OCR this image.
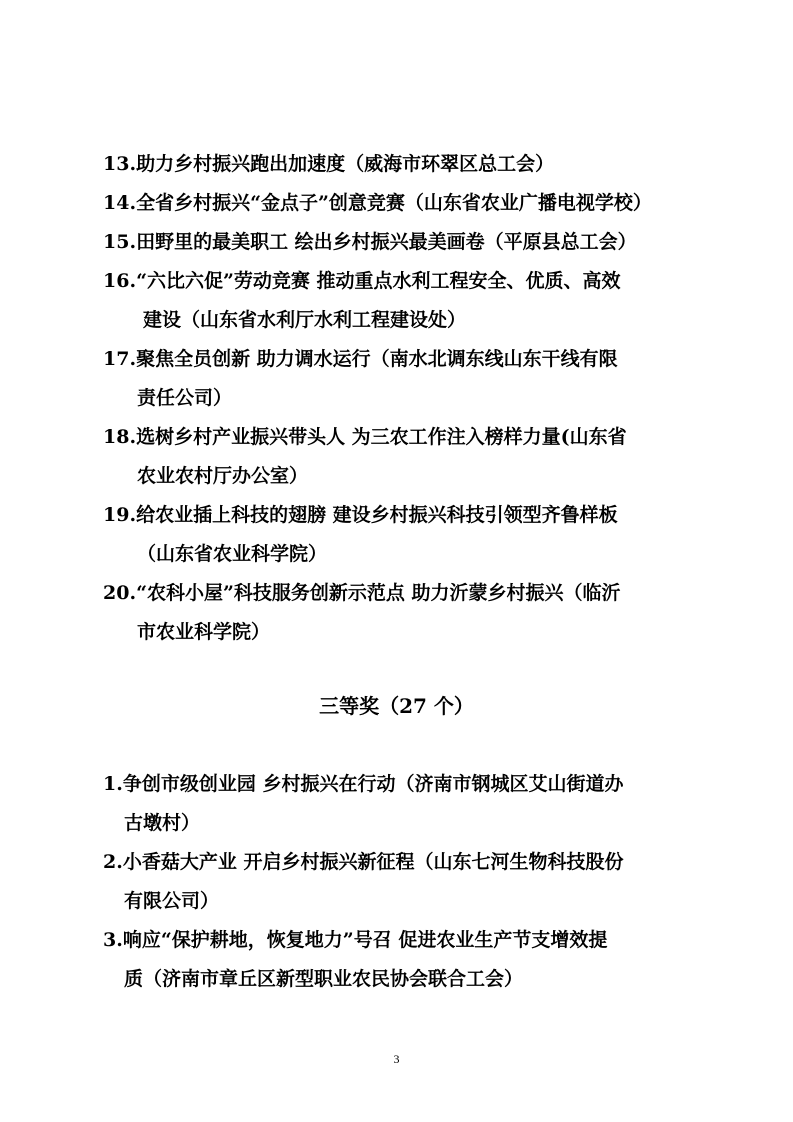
13.助力乡村振兴跑出加速度（威海市环翠区总工会）
14.全省乡村振兴“金点子”创意竞赛（山东省农业广播电视学校）
15.田野里的最美职工 绘出乡村振兴最美画卷（平原县总工会）
16.“六比六促”劳动竞赛 推动重点水利工程安全、优质、高效
建设（山东省水利厅水利工程建设处）
17.聚焦全员创新 助力调水运行（南水北调东线山东干线有限
责任公司）
18.选树乡村产业振兴带头人 为三农工作注入榜样力量(山东省
农业农村厅办公室）
19.给农业插上科技的翅膀 建设乡村振兴科技引领型齐鲁样板
（山东省农业科学院）
20.“农科小屋”科技服务创新示范点 助力沂蒙乡村振兴（临沂
市农业科学院）
三等奖（27 个）
1.争创市级创业园 乡村振兴在行动（济南市钢城区艾山街道办
古墩村）
2.小香菇大产业 开启乡村振兴新征程（山东七河生物科技股份
有限公司）
3.响应“保护耕地，恢复地力”号召 促进农业生产节支增效提
质（济南市章丘区新型职业农民协会联合工会）
3
